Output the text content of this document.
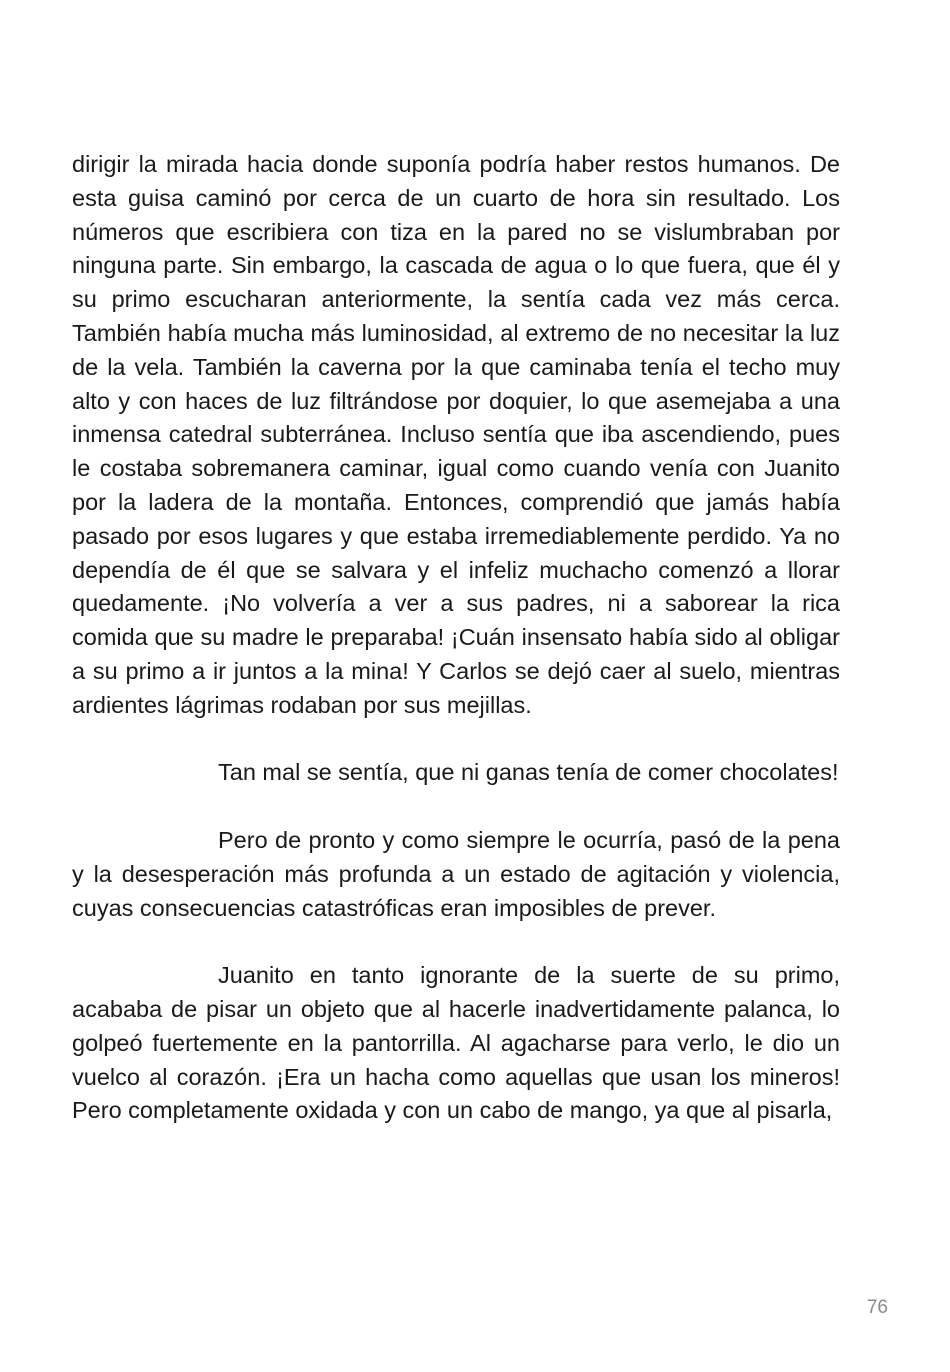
dirigir la mirada hacia donde suponía podría haber restos humanos. De esta guisa caminó por cerca de un cuarto de hora sin resultado. Los números que escribiera con tiza en la pared no se vislumbraban por ninguna parte. Sin embargo, la cascada de agua o lo que fuera, que él y su primo escucharan anteriormente, la sentía cada vez más cerca. También había mucha más luminosidad, al extremo de no necesitar la luz de la vela. También la caverna por la que caminaba tenía el techo muy alto y con haces de luz filtrándose por doquier, lo que asemejaba a una inmensa catedral subterránea. Incluso sentía que iba ascendiendo, pues le costaba sobremanera caminar, igual como cuando venía con Juanito por la ladera de la montaña. Entonces, comprendió que jamás había pasado por esos lugares y que estaba irremediablemente perdido. Ya no dependía de él que se salvara y el infeliz muchacho comenzó a llorar quedamente. ¡No volvería a ver a sus padres, ni a saborear la rica comida que su madre le preparaba! ¡Cuán insensato había sido al obligar a su primo a ir juntos a la mina! Y Carlos se dejó caer al suelo, mientras ardientes lágrimas rodaban por sus mejillas.

Tan mal se sentía, que ni ganas tenía de comer chocolates!

Pero de pronto y como siempre le ocurría, pasó de la pena y la desesperación más profunda a un estado de agitación y violencia, cuyas consecuencias catastróficas eran imposibles de prever.

Juanito en tanto ignorante de la suerte de su primo, acababa de pisar un objeto que al hacerle inadvertidamente palanca, lo golpeó fuertemente en la pantorrilla. Al agacharse para verlo, le dio un vuelco al corazón. ¡Era un hacha como aquellas que usan los mineros! Pero completamente oxidada y con un cabo de mango, ya que al pisarla,

76
